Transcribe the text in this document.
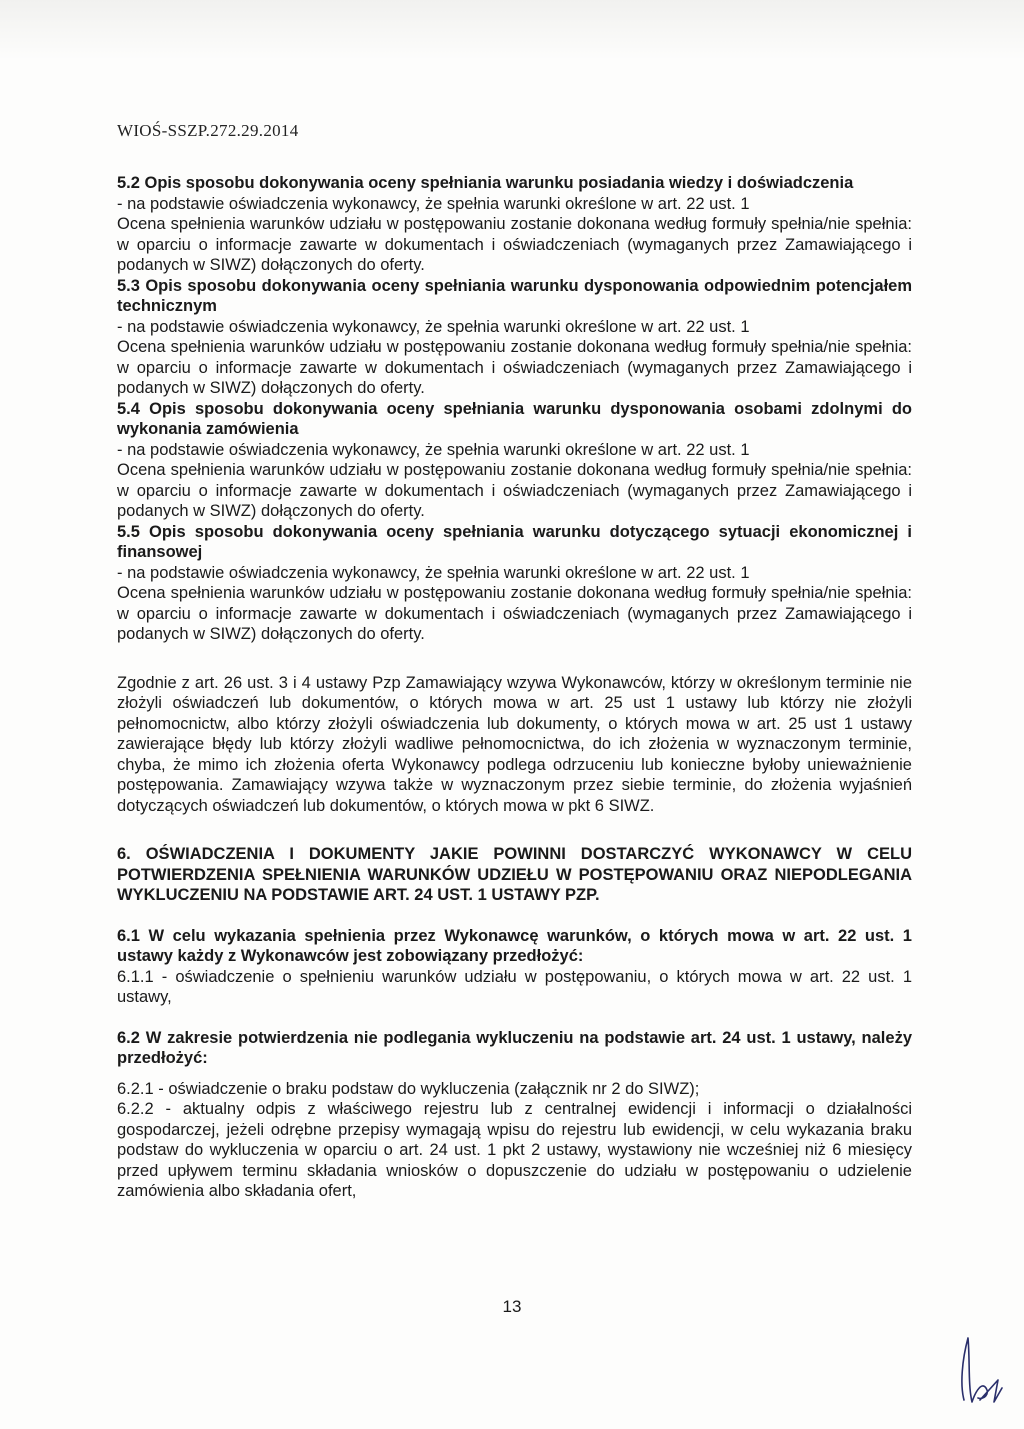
WIOŚ-SSZP.272.29.2014

5.2 Opis sposobu dokonywania oceny spełniania warunku posiadania wiedzy i doświadczenia

- na podstawie oświadczenia wykonawcy, że spełnia warunki określone w art. 22 ust. 1

Ocena spełnienia warunków udziału w postępowaniu zostanie dokonana według formuły spełnia/nie spełnia: w oparciu o informacje zawarte w dokumentach i oświadczeniach (wymaganych przez Zamawiającego i podanych w SIWZ) dołączonych do oferty.

5.3 Opis sposobu dokonywania oceny spełniania warunku dysponowania odpowiednim potencjałem technicznym

- na podstawie oświadczenia wykonawcy, że spełnia warunki określone w art. 22 ust. 1

Ocena spełnienia warunków udziału w postępowaniu zostanie dokonana według formuły spełnia/nie spełnia: w oparciu o informacje zawarte w dokumentach i oświadczeniach (wymaganych przez Zamawiającego i podanych w SIWZ) dołączonych do oferty.

5.4 Opis sposobu dokonywania oceny spełniania warunku dysponowania osobami zdolnymi do wykonania zamówienia

- na podstawie oświadczenia wykonawcy, że spełnia warunki określone w art. 22 ust. 1

Ocena spełnienia warunków udziału w postępowaniu zostanie dokonana według formuły spełnia/nie spełnia: w oparciu o informacje zawarte w dokumentach i oświadczeniach (wymaganych przez Zamawiającego i podanych w SIWZ) dołączonych do oferty.

5.5 Opis sposobu dokonywania oceny spełniania warunku dotyczącego sytuacji ekonomicznej i finansowej

- na podstawie oświadczenia wykonawcy, że spełnia warunki określone w art. 22 ust. 1

Ocena spełnienia warunków udziału w postępowaniu zostanie dokonana według formuły spełnia/nie spełnia: w oparciu o informacje zawarte w dokumentach i oświadczeniach (wymaganych przez Zamawiającego i podanych w SIWZ) dołączonych do oferty.

Zgodnie z art. 26 ust. 3 i 4 ustawy Pzp Zamawiający wzywa Wykonawców, którzy w określonym terminie nie złożyli oświadczeń lub dokumentów, o których mowa w art. 25 ust 1 ustawy lub którzy nie złożyli pełnomocnictw, albo którzy złożyli oświadczenia lub dokumenty, o których mowa w art. 25 ust 1 ustawy zawierające błędy lub którzy złożyli wadliwe pełnomocnictwa, do ich złożenia w wyznaczonym terminie, chyba, że mimo ich złożenia oferta Wykonawcy podlega odrzuceniu lub konieczne byłoby unieważnienie postępowania. Zamawiający wzywa także w wyznaczonym przez siebie terminie, do złożenia wyjaśnień dotyczących oświadczeń lub dokumentów, o których mowa w pkt 6 SIWZ.

6. OŚWIADCZENIA I DOKUMENTY JAKIE POWINNI DOSTARCZYĆ WYKONAWCY W CELU POTWIERDZENIA SPEŁNIENIA WARUNKÓW UDZIEŁU W POSTĘPOWANIU ORAZ NIEPODLEGANIA WYKLUCZENIU NA PODSTAWIE ART. 24 UST. 1 USTAWY PZP.

6.1 W celu wykazania spełnienia przez Wykonawcę warunków, o których mowa w art. 22 ust. 1 ustawy każdy z Wykonawców jest zobowiązany przedłożyć:

6.1.1 - oświadczenie o spełnieniu warunków udziału w postępowaniu, o których mowa w art. 22 ust. 1 ustawy,

6.2 W zakresie potwierdzenia nie podlegania wykluczeniu na podstawie art. 24 ust. 1 ustawy, należy przedłożyć:

6.2.1 - oświadczenie o braku podstaw do wykluczenia (załącznik nr 2 do SIWZ);

6.2.2 - aktualny odpis z właściwego rejestru lub z centralnej ewidencji i informacji o działalności gospodarczej, jeżeli odrębne przepisy wymagają wpisu do rejestru lub ewidencji, w celu wykazania braku podstaw do wykluczenia w oparciu o art. 24 ust. 1 pkt 2 ustawy, wystawiony nie wcześniej niż 6 miesięcy przed upływem terminu składania wniosków o dopuszczenie do udziału w postępowaniu o udzielenie zamówienia albo składania ofert,

13
